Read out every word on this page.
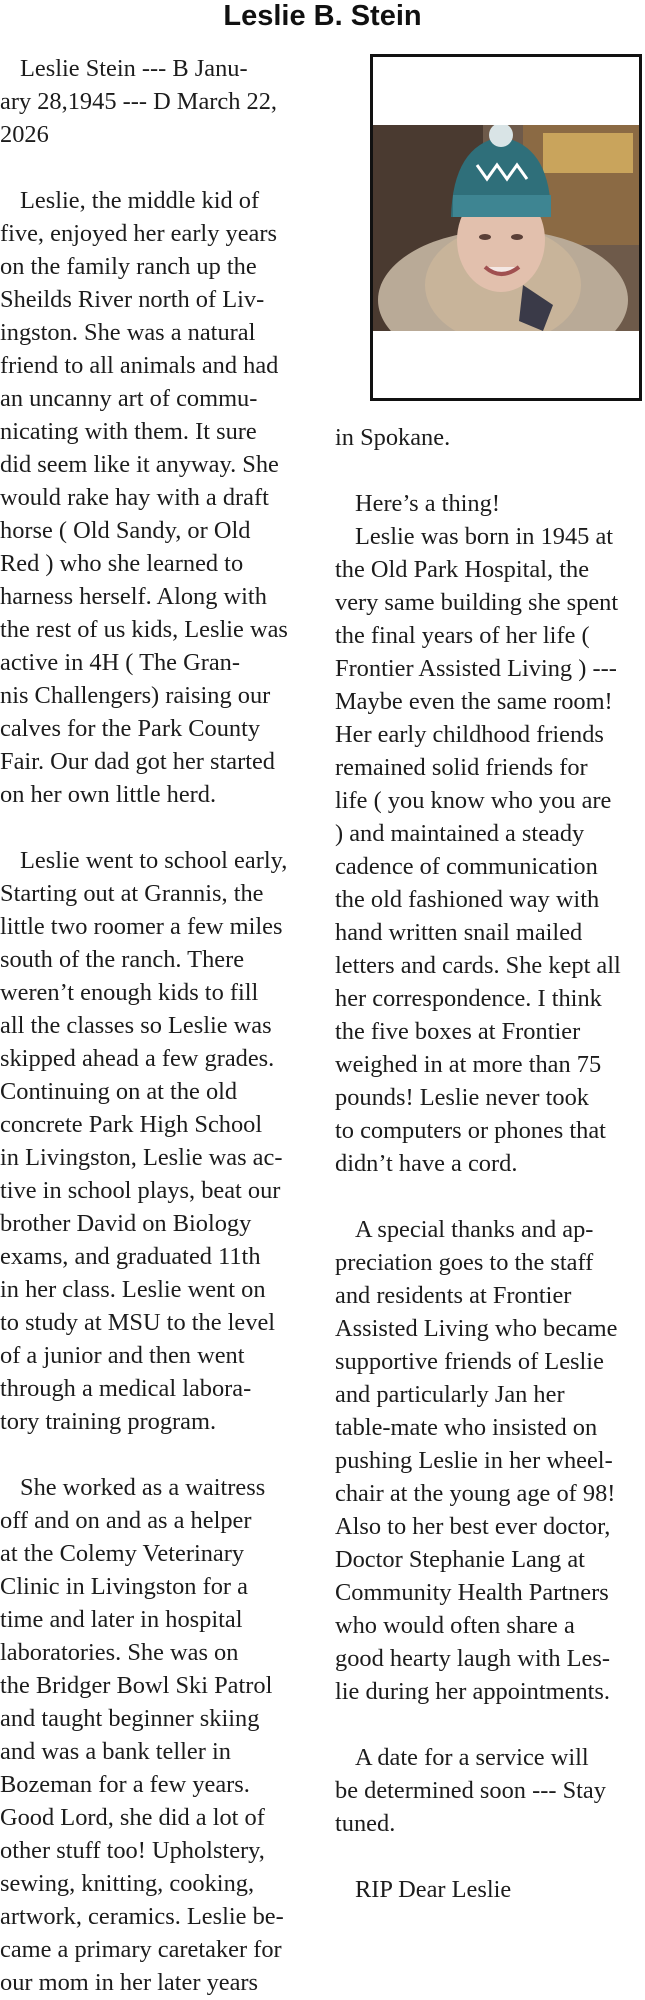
Leslie B. Stein
Leslie Stein --- B Janu-
ary 28,1945 --- D March 22,
2026
Leslie, the middle kid of
five, enjoyed her early years
on the family ranch up the
Sheilds River north of Liv-
ingston. She was a natural
friend to all animals and had
an uncanny art of commu-
nicating with them. It sure
did seem like it anyway. She
would rake hay with a draft
horse ( Old Sandy, or Old
Red ) who she learned to
harness herself. Along with
the rest of us kids, Leslie was
active in 4H ( The Gran-
nis Challengers) raising our
calves for the Park County
Fair. Our dad got her started
on her own little herd.
Leslie went to school early,
Starting out at Grannis, the
little two roomer a few miles
south of the ranch. There
weren’t enough kids to fill
all the classes so Leslie was
skipped ahead a few grades.
Continuing on at the old
concrete Park High School
in Livingston, Leslie was ac-
tive in school plays, beat our
brother David on Biology
exams, and graduated 11th
in her class. Leslie went on
to study at MSU to the level
of a junior and then went
through a medical labora-
tory training program.
She worked as a waitress
off and on and as a helper
at the Colemy Veterinary
Clinic in Livingston for a
time and later in hospital
laboratories. She was on
the Bridger Bowl Ski Patrol
and taught beginner skiing
and was a bank teller in
Bozeman for a few years.
Good Lord, she did a lot of
other stuff too! Upholstery,
sewing, knitting, cooking,
artwork, ceramics. Leslie be-
came a primary caretaker for
our mom in her later years
in Spokane.
Here’s a thing!
Leslie was born in 1945 at
the Old Park Hospital, the
very same building she spent
the final years of her life (
Frontier Assisted Living ) ---
Maybe even the same room!
Her early childhood friends
remained solid friends for
life ( you know who you are
) and maintained a steady
cadence of communication
the old fashioned way with
hand written snail mailed
letters and cards. She kept all
her correspondence. I think
the five boxes at Frontier
weighed in at more than 75
pounds! Leslie never took
to computers or phones that
didn’t have a cord.
A special thanks and ap-
preciation goes to the staff
and residents at Frontier
Assisted Living who became
supportive friends of Leslie
and particularly Jan her
table-mate who insisted on
pushing Leslie in her wheel-
chair at the young age of 98!
Also to her best ever doctor,
Doctor Stephanie Lang at
Community Health Partners
who would often share a
good hearty laugh with Les-
lie during her appointments.
A date for a service will
be determined soon --- Stay
tuned.
RIP Dear Leslie
